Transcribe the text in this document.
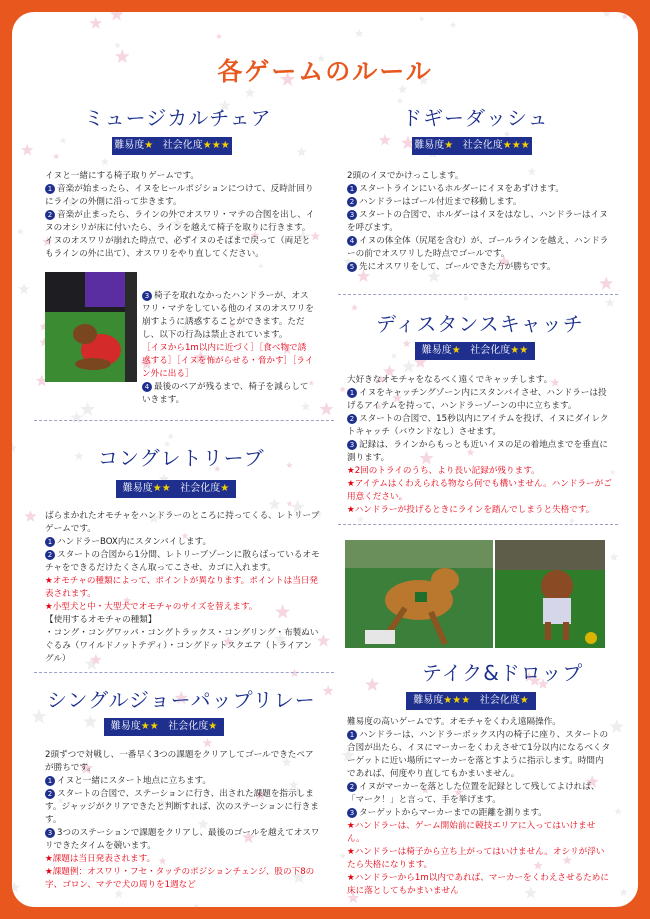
各ゲームのルール
ミュージカルチェア
難易度★ 社会化度★★★

イヌと一緒にする椅子取りゲームです。

1 音楽が始まったら、イヌをヒールポジションにつけて、反時計回りにラインの外側に沿って歩きます。

2 音楽が止まったら、ラインの外でオスワリ・マテの合図を出し、イヌのオシリが床に付いたら、ラインを越えて椅子を取りに行きます。イヌのオスワリが崩れた時点で、必ずイヌのそばまで戻って（両足ともラインの外に出て）、オスワリをやり直してください。

3 椅子を取れなかったハンドラーが、オスワリ・マテをしている他のイヌのオスワリを崩すように誘惑することができます。ただし、以下の行為は禁止されています。

［イヌから1m以内に近づく］［食べ物で誘惑する］［イヌを怖がらせる・脅かす］［ライン外に出る］

4 最後のペアが残るまで、椅子を減らしていきます。

コングレトリーブ
難易度★★ 社会化度★

ばらまかれたオモチャをハンドラーのところに持ってくる、レトリーブゲームです。

1 ハンドラーBOX内にスタンバイします。

2 スタートの合図から1分間、レトリーブゾーンに散らばっているオモチャをできるだけたくさん取ってこさせ、カゴに入れます。

★オモチャの種類によって、ポイントが異なります。ポイントは当日発表されます。

★小型犬と中・大型犬でオモチャのサイズを替えます。

【使用するオモチャの種類】

・コング・コングワッパ・コングトラックス・コングリング・布製ぬいぐるみ（ワイルドノットテディ）・コングドットスクエア（トライアングル）

シングルジョーパップリレー
難易度★★ 社会化度★

2頭ずつで対戦し、一番早く3つの課題をクリアしてゴールできたペアが勝ちです。

1 イヌと一緒にスタート地点に立ちます。

2 スタートの合図で、ステーションに行き、出された課題を指示します。ジャッジがクリアできたと判断すれば、次のステーションに行きます。

3 3つのステーションで課題をクリアし、最後のゴールを越えてオスワリできたタイムを競います。

★課題は当日発表されます。

★課題例：オスワリ・フセ・タッテのポジションチェンジ、股の下8の字、ゴロン、マテで犬の周りを1週など

ドギーダッシュ
難易度★ 社会化度★★★

2頭のイヌでかけっこします。

1 スタートラインにいるホルダーにイヌをあずけます。

2 ハンドラーはゴール付近まで移動します。

3 スタートの合図で、ホルダーはイヌをはなし、ハンドラーはイヌを呼びます。

4 イヌの体全体（尻尾を含む）が、ゴールラインを越え、ハンドラーの前でオスワリした時点でゴールです。

5 先にオスワリをして、ゴールできた方が勝ちです。

ディスタンスキャッチ
難易度★ 社会化度★★

大好きなオモチャをなるべく遠くでキャッチします。

1 イヌをキャッチングゾーン内にスタンバイさせ、ハンドラーは投げるアイテムを持って、ハンドラーゾーンの中に立ちます。

2 スタートの合図で、15秒以内にアイテムを投げ、イヌにダイレクトキャッチ（バウンドなし）させます。

3 記録は、ラインからもっとも近いイヌの足の着地点までを垂直に測ります。

★2回のトライのうち、より長い記録が残ります。

★アイテムはくわえられる物なら何でも構いません。ハンドラーがご用意ください。

★ハンドラーが投げるときにラインを踏んでしまうと失格です。

テイク&ドロップ
難易度★★★ 社会化度★

難易度の高いゲームです。オモチャをくわえ遠隔操作。

1 ハンドラーは、ハンドラーボックス内の椅子に座り、スタートの合図が出たら、イヌにマーカーをくわえさせて1分以内になるべくターゲットに近い場所にマーカーを落とすように指示します。時間内であれば、何度やり直してもかまいません。

2 イヌがマーカーを落とした位置を記録として残してよければ、「マーク！」と言って、手を挙げます。

3 ターゲットからマーカーまでの距離を測ります。

★ハンドラーは、ゲーム開始前に競技エリアに入ってはいけません。

★ハンドラーは椅子から立ち上がってはいけません。オシリが浮いたら失格になります。

★ハンドラーから1m以内であれば、マーカーをくわえさせるために床に落としてもかまいません
